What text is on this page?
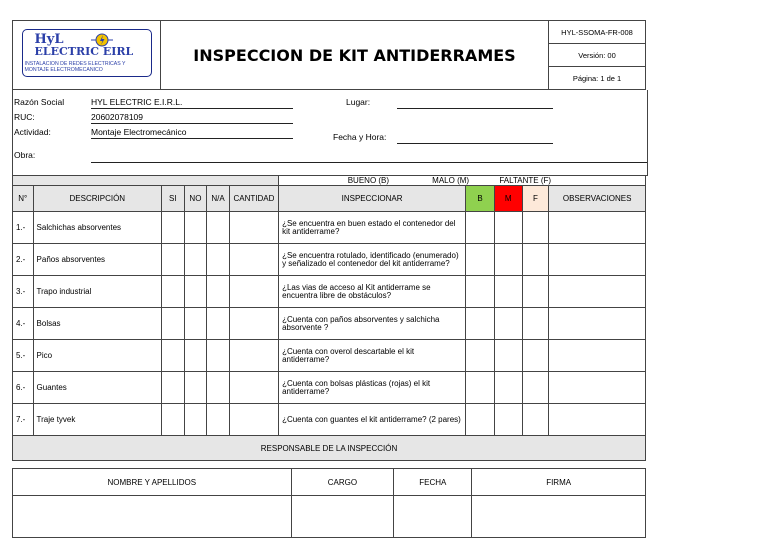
HyL
ELECTRIC EIRL
INSTALACION DE REDES ELECTRICAS Y MONTAJE ELECTROMECANICO
	INSPECCION DE KIT ANTIDERRAMES	HYL-SSOMA-FR-008
Versión: 00
Página: 1 de 1
Razón Social	HYL ELECTRIC E.I.R.L.
RUC:	20602078109
Actividad:	Montaje Electromecánico
Obra:
Lugar:
Fecha y Hora:
						BUENO (B) MALO (M) FALTANTE (F)				
N°	DESCRIPCIÓN	SI	NO	N/A	CANTIDAD	INSPECCIONAR	B	M	F	OBSERVACIONES
1.-	Salchichas absorventes					¿Se encuentra en buen estado el contenedor del kit antiderrame?				
2.-	Paños absorventes					¿Se encuentra rotulado, identificado (enumerado) y señalizado el contenedor del kit antiderrame?				
3.-	Trapo industrial					¿Las vias de acceso al Kit antiderrame se encuentra libre de obstáculos?				
4.-	Bolsas					¿Cuenta con paños absorventes y salchicha absorvente ?				
5.-	Pico					¿Cuenta con overol descartable el kit antiderrame?				
6.-	Guantes					¿Cuenta con bolsas plásticas (rojas) el kit antiderrame?				
7.-	Traje tyvek					¿Cuenta con guantes el kit antiderrame? (2 pares)				
RESPONSABLE DE LA INSPECCIÓN										
NOMBRE Y APELLIDOS	CARGO	FECHA	FIRMA
